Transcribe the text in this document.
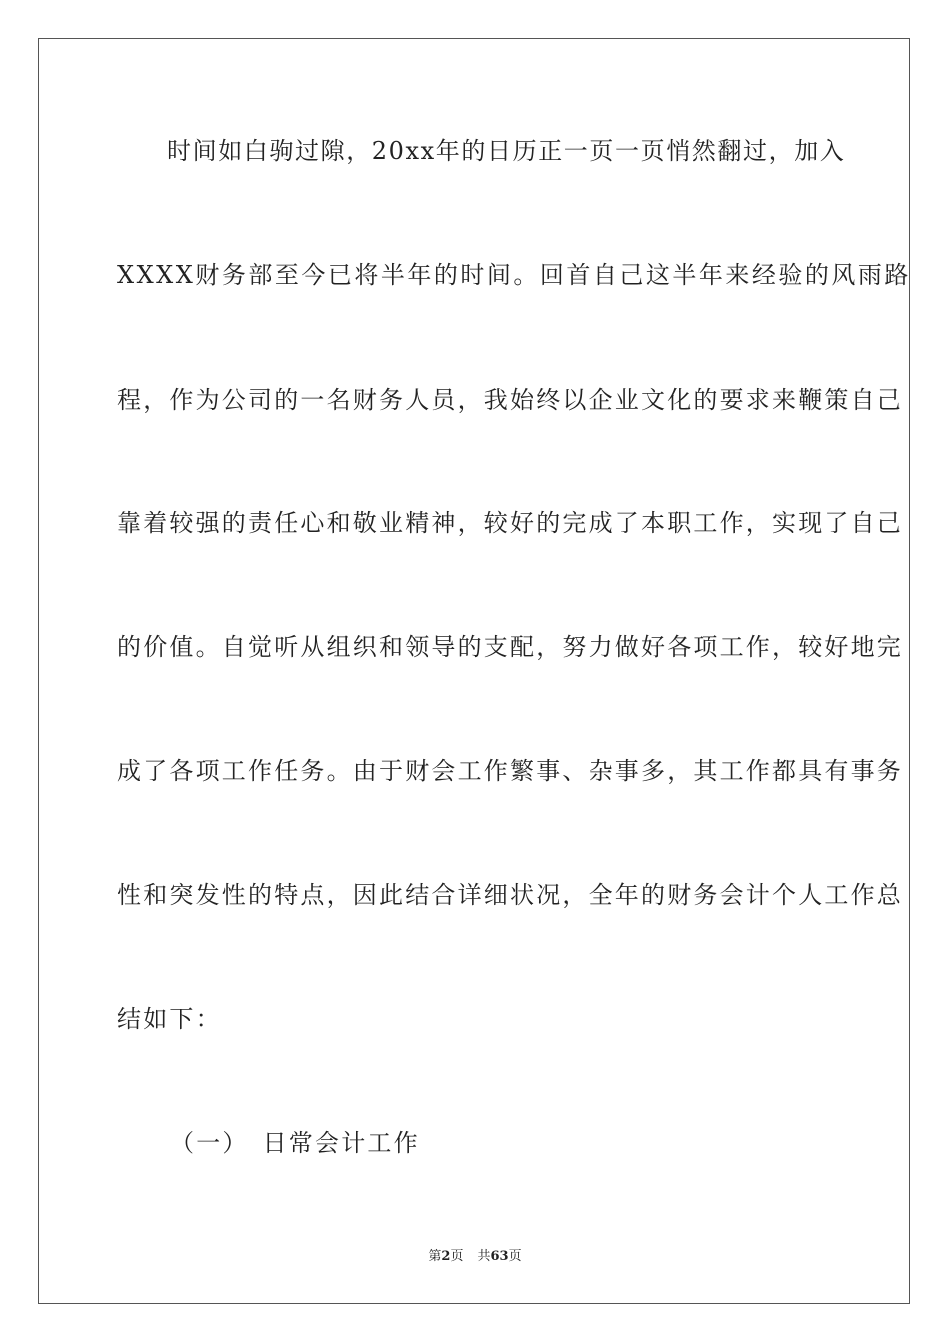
时间如白驹过隙，20xx年的日历正一页一页悄然翻过，加入
XXXX财务部至今已将半年的时间。回首自己这半年来经验的风雨路
程，作为公司的一名财务人员，我始终以企业文化的要求来鞭策自己
靠着较强的责任心和敬业精神，较好的完成了本职工作，实现了自己
的价值。自觉听从组织和领导的支配，努力做好各项工作，较好地完
成了各项工作任务。由于财会工作繁事、杂事多，其工作都具有事务
性和突发性的特点，因此结合详细状况，全年的财务会计个人工作总
结如下：
（一） 日常会计工作
第2页 共63页
